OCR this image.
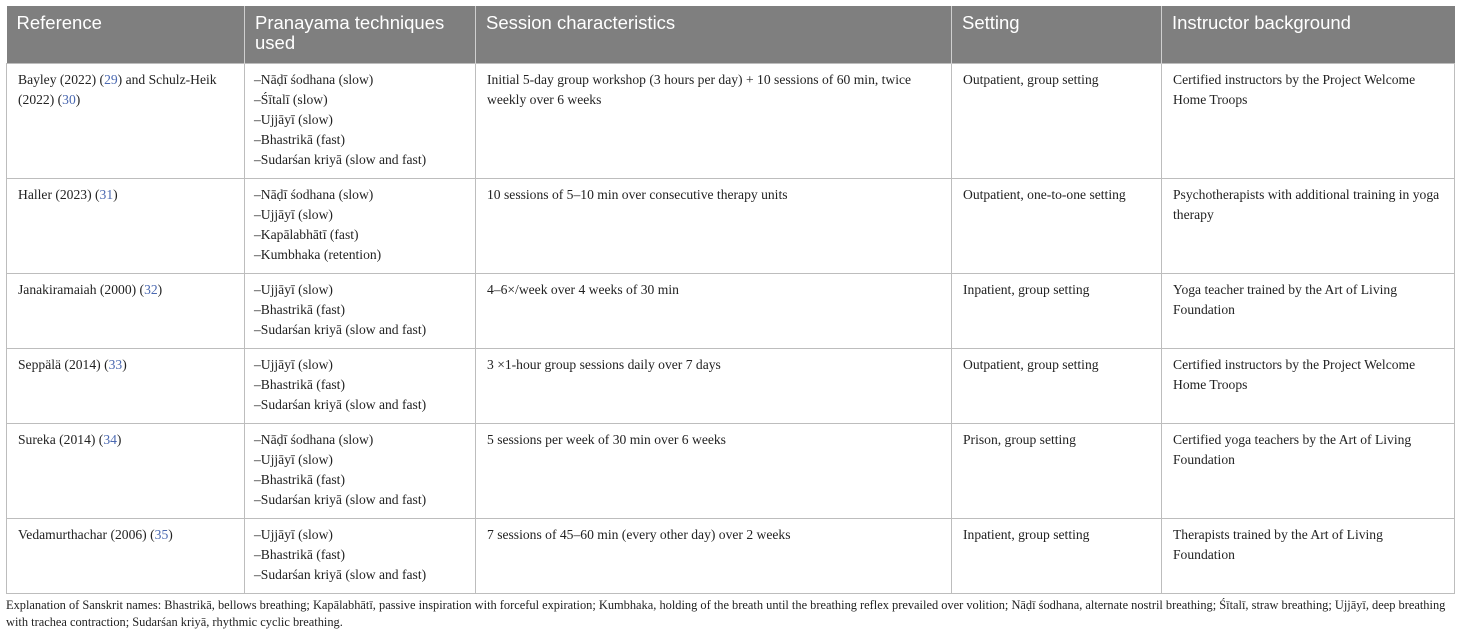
Reference	Pranayama techniques used	Session characteristics	Setting	Instructor background
Bayley (2022) (29) and Schulz-Heik (2022) (30)	–Nāḍī śodhana (slow)
–Śītalī (slow)
–Ujjāyī (slow)
–Bhastrikā (fast)
–Sudarśan kriyā (slow and fast)	Initial 5-day group workshop (3 hours per day) + 10 sessions of 60 min, twice weekly over 6 weeks	Outpatient, group setting	Certified instructors by the Project Welcome Home Troops
Haller (2023) (31)	–Nāḍī śodhana (slow)
–Ujjāyī (slow)
–Kapālabhātī (fast)
–Kumbhaka (retention)	10 sessions of 5–10 min over consecutive therapy units	Outpatient, one-to-one setting	Psychotherapists with additional training in yoga therapy
Janakiramaiah (2000) (32)	–Ujjāyī (slow)
–Bhastrikā (fast)
–Sudarśan kriyā (slow and fast)	4–6×/week over 4 weeks of 30 min	Inpatient, group setting	Yoga teacher trained by the Art of Living Foundation
Seppälä (2014) (33)	–Ujjāyī (slow)
–Bhastrikā (fast)
–Sudarśan kriyā (slow and fast)	3 ×1-hour group sessions daily over 7 days	Outpatient, group setting	Certified instructors by the Project Welcome Home Troops
Sureka (2014) (34)	–Nāḍī śodhana (slow)
–Ujjāyī (slow)
–Bhastrikā (fast)
–Sudarśan kriyā (slow and fast)	5 sessions per week of 30 min over 6 weeks	Prison, group setting	Certified yoga teachers by the Art of Living Foundation
Vedamurthachar (2006) (35)	–Ujjāyī (slow)
–Bhastrikā (fast)
–Sudarśan kriyā (slow and fast)	7 sessions of 45–60 min (every other day) over 2 weeks	Inpatient, group setting	Therapists trained by the Art of Living Foundation

Explanation of Sanskrit names: Bhastrikā, bellows breathing; Kapālabhātī, passive inspiration with forceful expiration; Kumbhaka, holding of the breath until the breathing reflex prevailed over volition; Nāḍī śodhana, alternate nostril breathing; Śītalī, straw breathing; Ujjāyī, deep breathing with trachea contraction; Sudarśan kriyā, rhythmic cyclic breathing.
